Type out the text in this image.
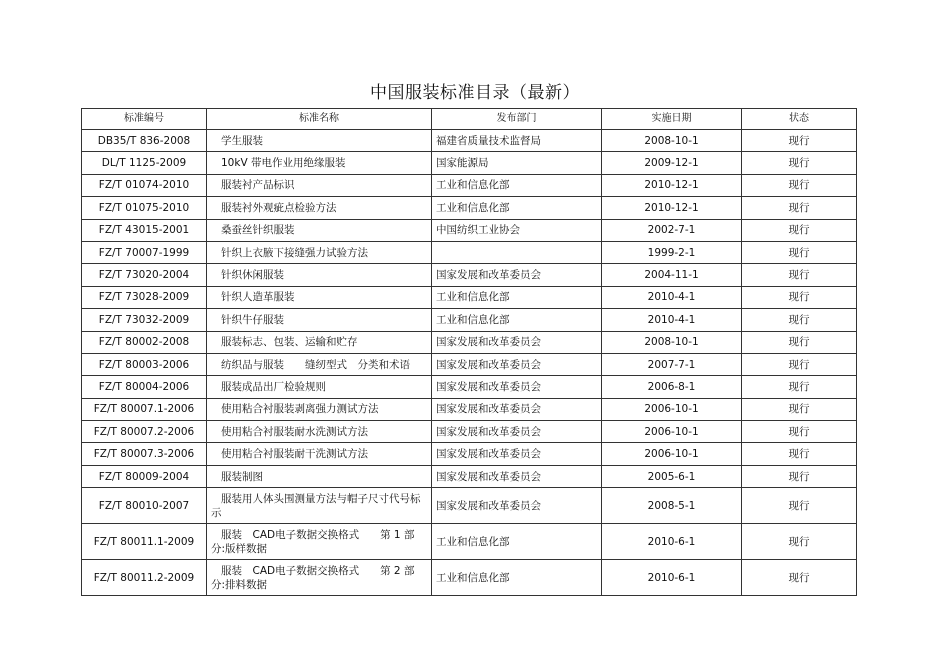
中国服装标准目录（最新）
标准编号	标准名称	发布部门	实施日期	状态
DB35/T 836-2008	学生服装	福建省质量技术监督局	2008-10-1	现行
DL/T 1125-2009	10kV 带电作业用绝缘服装	国家能源局	2009-12-1	现行
FZ/T 01074-2010	服装衬产品标识	工业和信息化部	2010-12-1	现行
FZ/T 01075-2010	服装衬外观疵点检验方法	工业和信息化部	2010-12-1	现行
FZ/T 43015-2001	桑蚕丝针织服装	中国纺织工业协会	2002-7-1	现行
FZ/T 70007-1999	针织上衣腋下接缝强力试验方法		1999-2-1	现行
FZ/T 73020-2004	针织休闲服装	国家发展和改革委员会	2004-11-1	现行
FZ/T 73028-2009	针织人造革服装	工业和信息化部	2010-4-1	现行
FZ/T 73032-2009	针织牛仔服装	工业和信息化部	2010-4-1	现行
FZ/T 80002-2008	服装标志、包装、运输和贮存	国家发展和改革委员会	2008-10-1	现行
FZ/T 80003-2006	纺织品与服装　　缝纫型式　分类和术语	国家发展和改革委员会	2007-7-1	现行
FZ/T 80004-2006	服装成品出厂检验规则	国家发展和改革委员会	2006-8-1	现行
FZ/T 80007.1-2006	使用粘合衬服装剥离强力测试方法	国家发展和改革委员会	2006-10-1	现行
FZ/T 80007.2-2006	使用粘合衬服装耐水洗测试方法	国家发展和改革委员会	2006-10-1	现行
FZ/T 80007.3-2006	使用粘合衬服装耐干洗测试方法	国家发展和改革委员会	2006-10-1	现行
FZ/T 80009-2004	服装制图	国家发展和改革委员会	2005-6-1	现行
FZ/T 80010-2007	服装用人体头围测量方法与帽子尺寸代号标示	国家发展和改革委员会	2008-5-1	现行
FZ/T 80011.1-2009	服装　CAD电子数据交换格式　　第 1 部分:版样数据	工业和信息化部	2010-6-1	现行
FZ/T 80011.2-2009	服装　CAD电子数据交换格式　　第 2 部分:排料数据	工业和信息化部	2010-6-1	现行
